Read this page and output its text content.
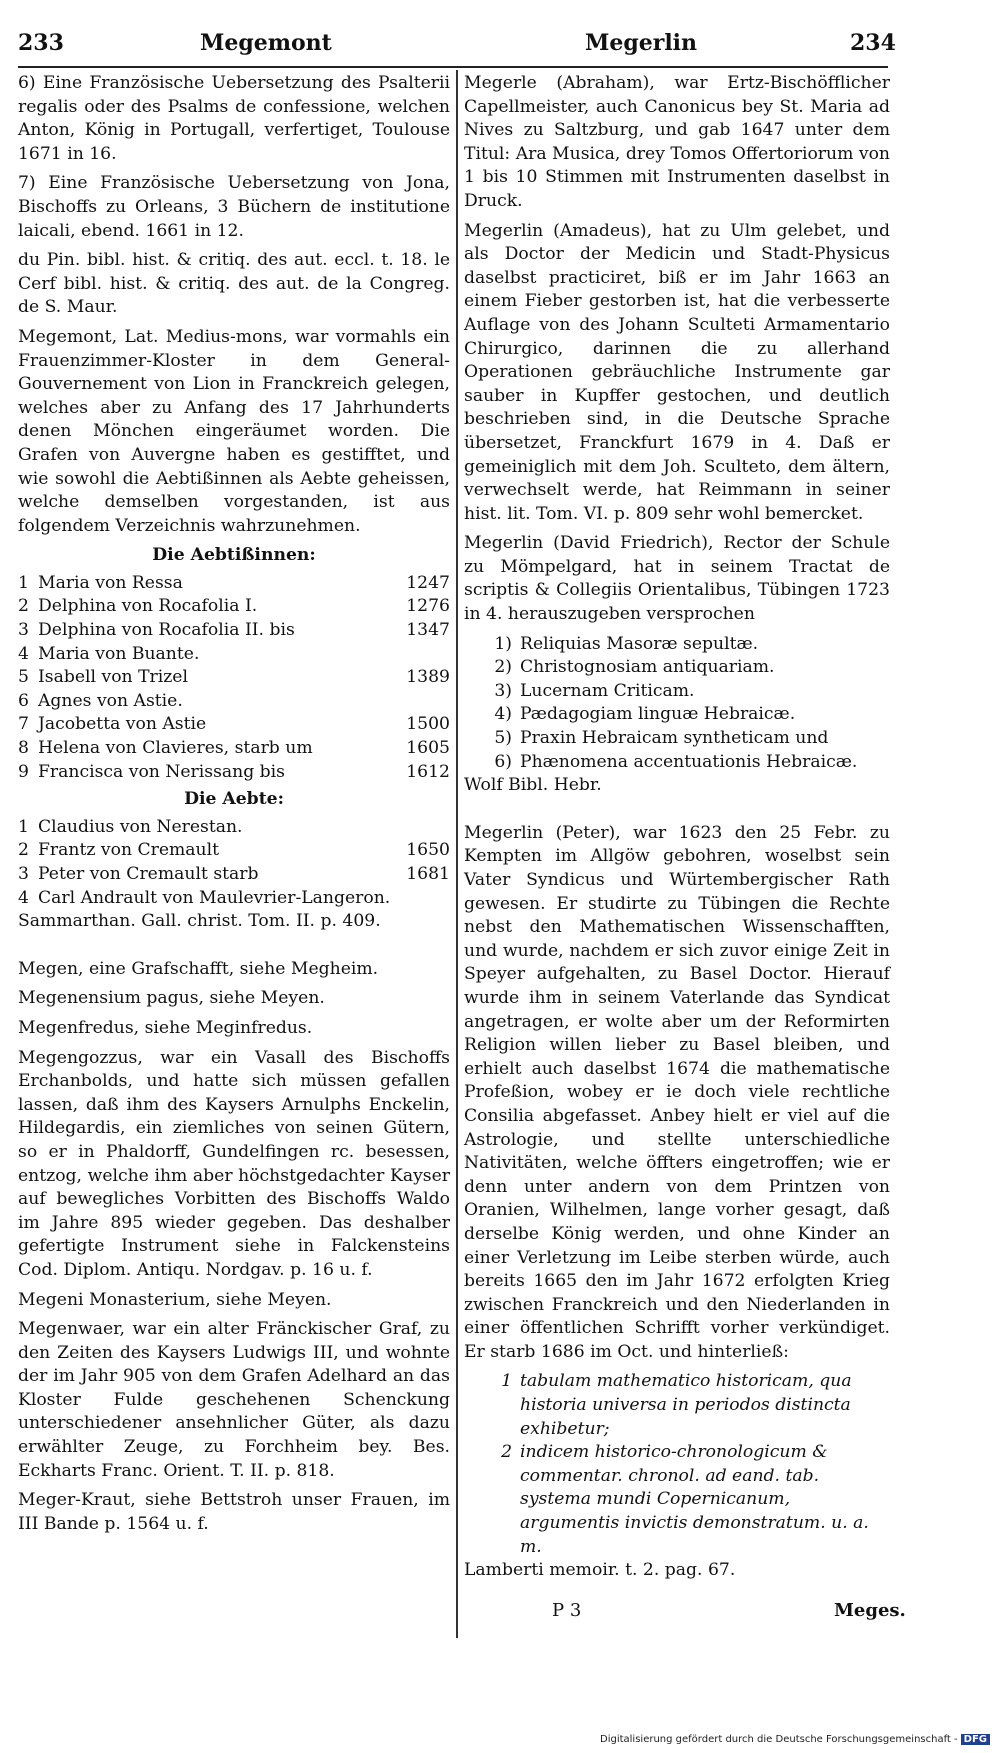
233	Megemont	Megerlin	234

6) Eine Französische Uebersetzung des Psalterii regalis oder des Psalms de confessione, welchen Anton, König in Portugall, verfertiget, Toulouse 1671 in 16.

7) Eine Französische Uebersetzung von Jona, Bischoffs zu Orleans, 3 Büchern de institutione laicali, ebend. 1661 in 12.

du Pin. bibl. hist. & critiq. des aut. eccl. t. 18. le Cerf bibl. hist. & critiq. des aut. de la Congreg. de S. Maur.

Megemont, Lat. Medius-mons, war vormahls ein Frauenzimmer-Kloster in dem General-Gouvernement von Lion in Franckreich gelegen, welches aber zu Anfang des 17 Jahrhunderts denen Mönchen eingeräumet worden. Die Grafen von Auvergne haben es gestifftet, und wie sowohl die Aebtißinnen als Aebte geheissen, welche demselben vorgestanden, ist aus folgendem Verzeichnis wahrzunehmen.

Die Aebtißinnen:
1 Maria von Ressa	1247
2 Delphina von Rocafolia I.	1276
3 Delphina von Rocafolia II. bis	1347
4 Maria von Buante.
5 Isabell von Trizel	1389
6 Agnes von Astie.
7 Jacobetta von Astie	1500
8 Helena von Clavieres, starb um	1605
9 Francisca von Nerissang bis	1612
Die Aebte:
1 Claudius von Nerestan.
2 Frantz von Cremault	1650
3 Peter von Cremault starb	1681
4 Carl Andrault von Maulevrier-Langeron.

Sammarthan. Gall. christ. Tom. II. p. 409.

Megen, eine Grafschafft, siehe Megheim.

Megenensium pagus, siehe Meyen.

Megenfredus, siehe Meginfredus.

Megengozzus, war ein Vasall des Bischoffs Erchanbolds, und hatte sich müssen gefallen lassen, daß ihm des Kaysers Arnulphs Enckelin, Hildegardis, ein ziemliches von seinen Gütern, so er in Phaldorff, Gundelfingen rc. besessen, entzog, welche ihm aber höchstgedachter Kayser auf bewegliches Vorbitten des Bischoffs Waldo im Jahre 895 wieder gegeben. Das deshalber gefertigte Instrument siehe in Falckensteins Cod. Diplom. Antiqu. Nordgav. p. 16 u. f.

Megeni Monasterium, siehe Meyen.

Megenwaer, war ein alter Fränckischer Graf, zu den Zeiten des Kaysers Ludwigs III, und wohnte der im Jahr 905 von dem Grafen Adelhard an das Kloster Fulde geschehenen Schenckung unterschiedener ansehnlicher Güter, als dazu erwählter Zeuge, zu Forchheim bey. Bes. Eckharts Franc. Orient. T. II. p. 818.

Meger-Kraut, siehe Bettstroh unser Frauen, im III Bande p. 1564 u. f.

Megerle (Abraham), war Ertz-Bischöfflicher Capellmeister, auch Canonicus bey St. Maria ad Nives zu Saltzburg, und gab 1647 unter dem Titul: Ara Musica, drey Tomos Offertoriorum von 1 bis 10 Stimmen mit Instrumenten daselbst in Druck.

Megerlin (Amadeus), hat zu Ulm gelebet, und als Doctor der Medicin und Stadt-Physicus daselbst practiciret, biß er im Jahr 1663 an einem Fieber gestorben ist, hat die verbesserte Auflage von des Johann Sculteti Armamentario Chirurgico, darinnen die zu allerhand Operationen gebräuchliche Instrumente gar sauber in Kupffer gestochen, und deutlich beschrieben sind, in die Deutsche Sprache übersetzet, Franckfurt 1679 in 4. Daß er gemeiniglich mit dem Joh. Sculteto, dem ältern, verwechselt werde, hat Reimmann in seiner hist. lit. Tom. VI. p. 809 sehr wohl bemercket.

Megerlin (David Friedrich), Rector der Schule zu Mömpelgard, hat in seinem Tractat de scriptis & Collegiis Orientalibus, Tübingen 1723 in 4. herauszugeben versprochen

1) Reliquias Masoræ sepultæ.
2) Christognosiam antiquariam.
3) Lucernam Criticam.
4) Pædagogiam linguæ Hebraicæ.
5) Praxin Hebraicam syntheticam und
6) Phænomena accentuationis Hebraicæ.

Wolf Bibl. Hebr.

Megerlin (Peter), war 1623 den 25 Febr. zu Kempten im Allgöw gebohren, woselbst sein Vater Syndicus und Würtembergischer Rath gewesen. Er studirte zu Tübingen die Rechte nebst den Mathematischen Wissenschafften, und wurde, nachdem er sich zuvor einige Zeit in Speyer aufgehalten, zu Basel Doctor. Hierauf wurde ihm in seinem Vaterlande das Syndicat angetragen, er wolte aber um der Reformirten Religion willen lieber zu Basel bleiben, und erhielt auch daselbst 1674 die mathematische Profeßion, wobey er ie doch viele rechtliche Consilia abgefasset. Anbey hielt er viel auf die Astrologie, und stellte unterschiedliche Nativitäten, welche öffters eingetroffen; wie er denn unter andern von dem Printzen von Oranien, Wilhelmen, lange vorher gesagt, daß derselbe König werden, und ohne Kinder an einer Verletzung im Leibe sterben würde, auch bereits 1665 den im Jahr 1672 erfolgten Krieg zwischen Franckreich und den Niederlanden in einer öffentlichen Schrifft vorher verkündiget. Er starb 1686 im Oct. und hinterließ:

1 tabulam mathematico historicam, qua historia universa in periodos distincta exhibetur;
2 indicem historico-chronologicum & commentar. chronol. ad eand. tab. systema mundi Copernicanum, argumentis invictis demonstratum. u. a. m.

Lamberti memoir. t. 2. pag. 67.

P 3	Meges.
Digitalisierung gefördert durch die Deutsche Forschungsgemeinschaft - DFG
